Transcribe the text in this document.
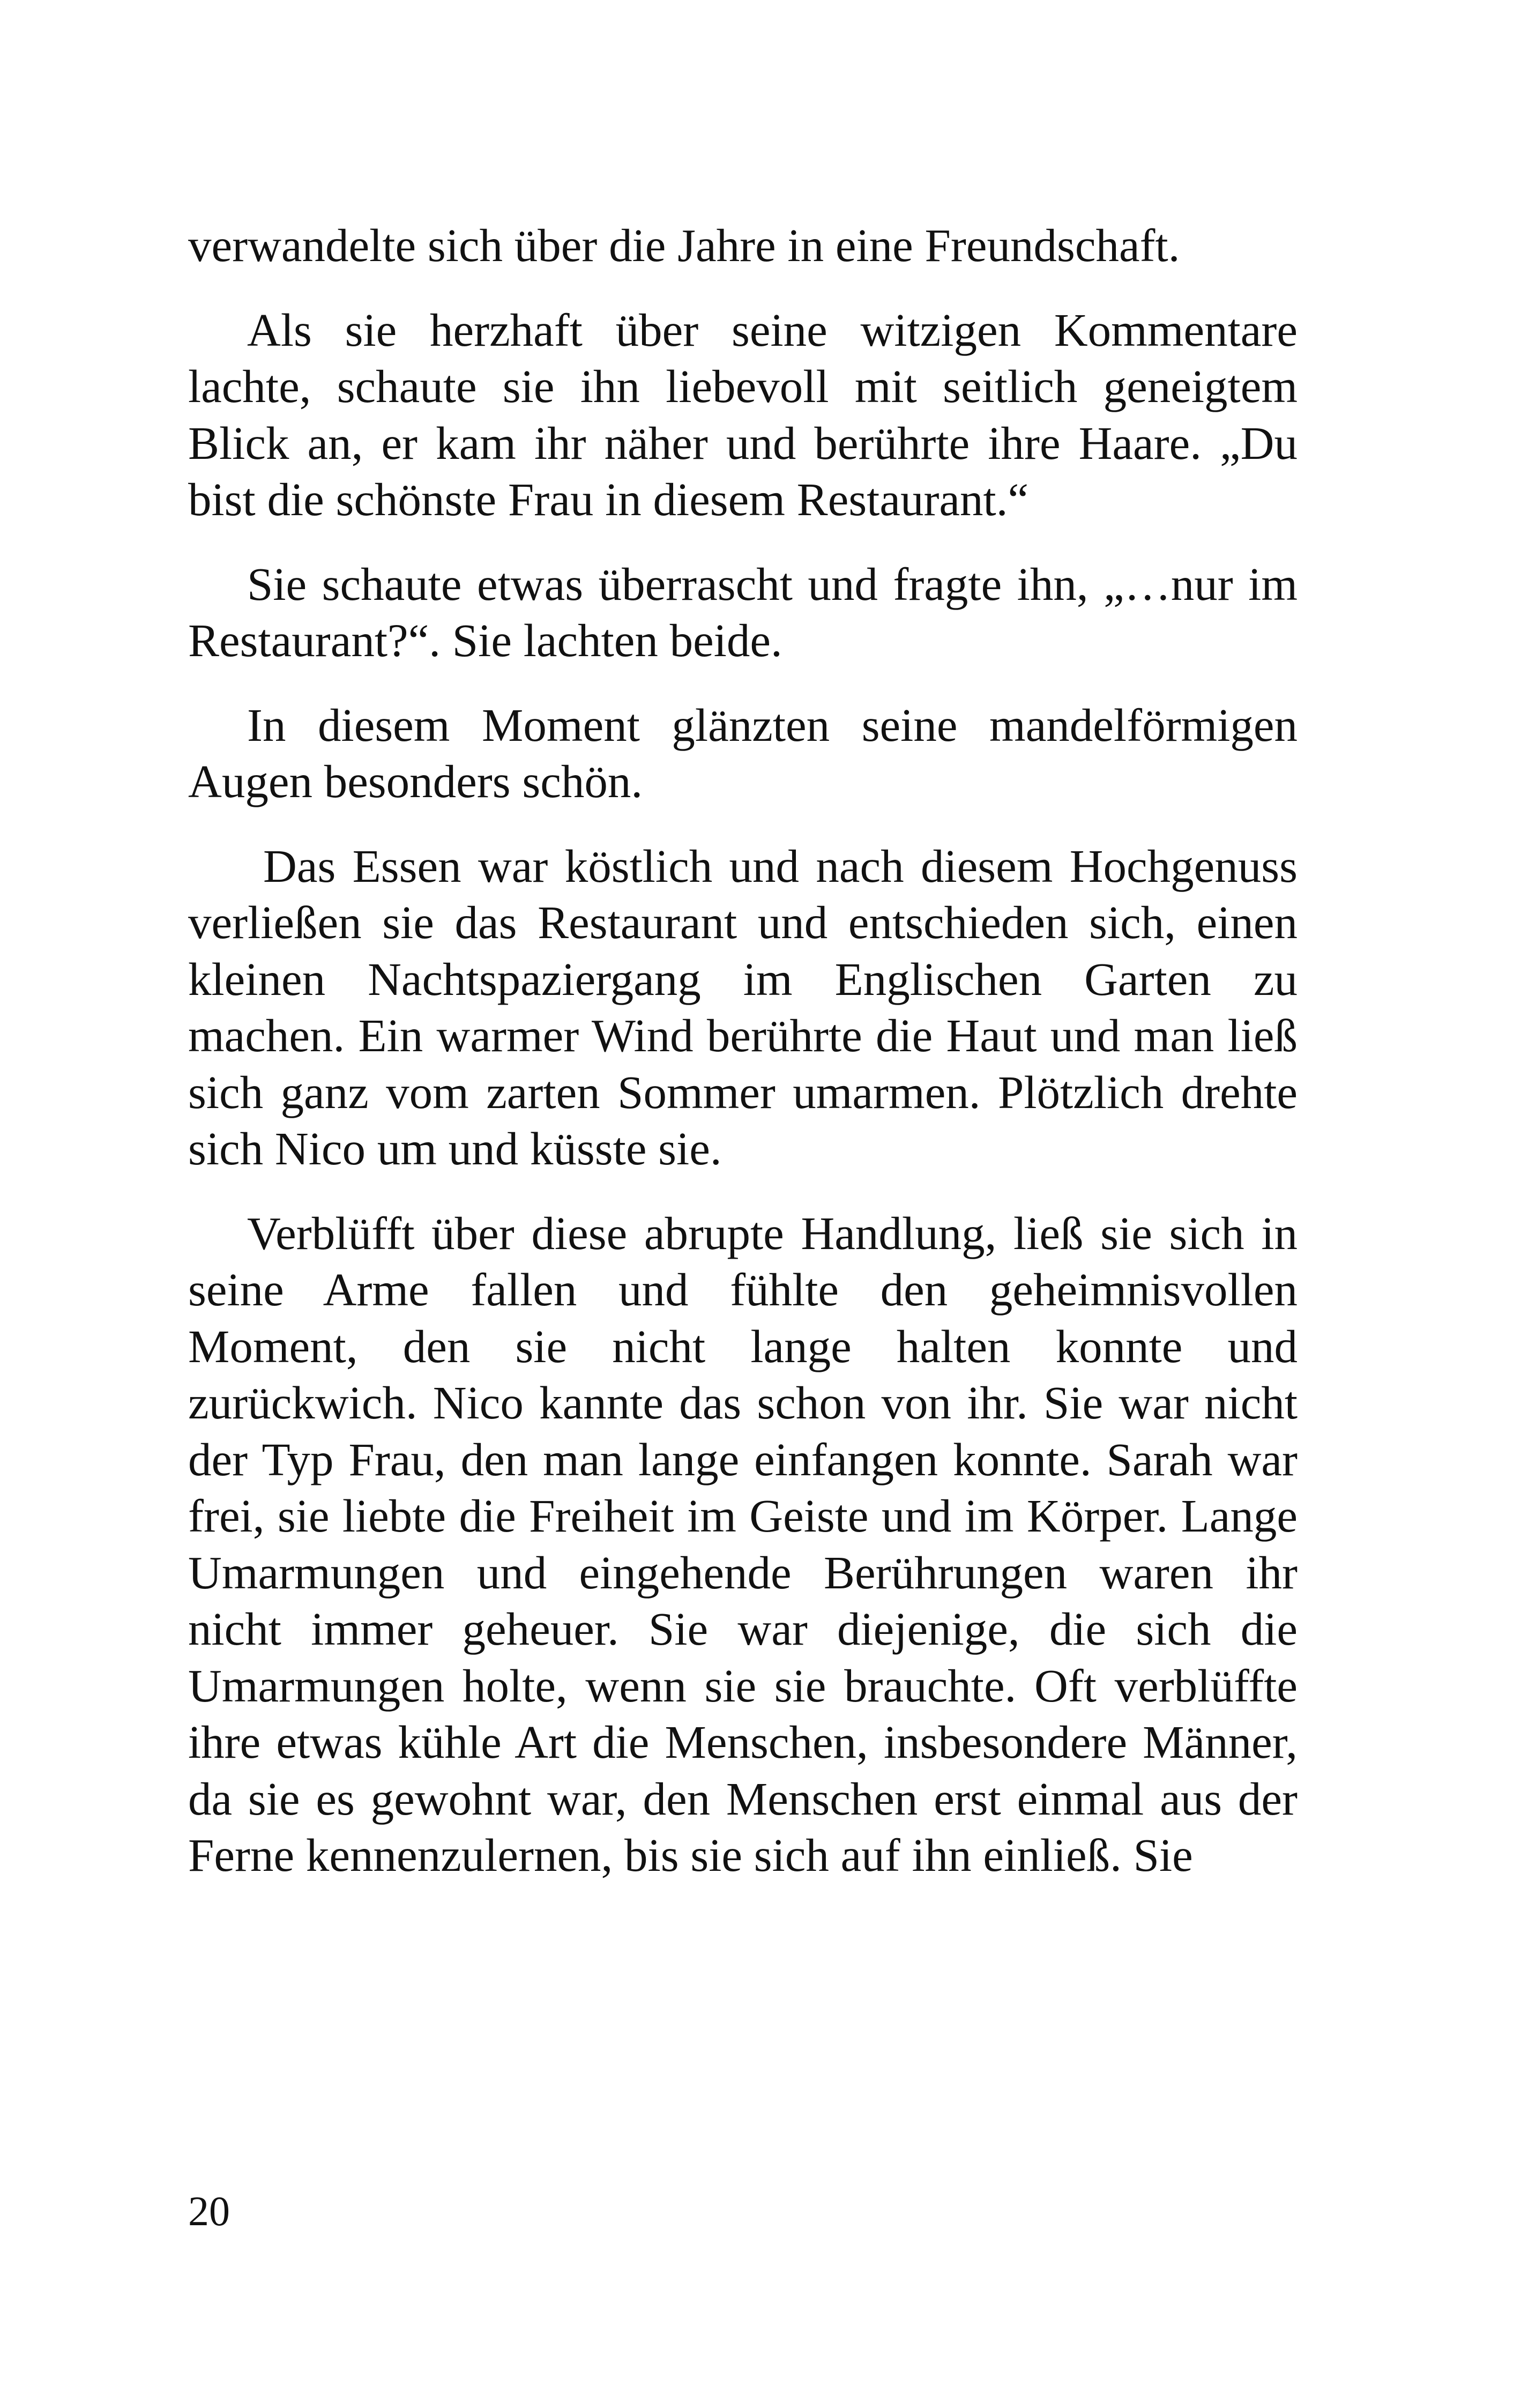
verwandelte sich über die Jahre in eine Freundschaft.

Als sie herzhaft über seine witzigen Kommentare lachte, schaute sie ihn liebevoll mit seitlich geneigtem Blick an, er kam ihr näher und berührte ihre Haare. „Du bist die schönste Frau in diesem Restaurant.“

Sie schaute etwas überrascht und fragte ihn, „…nur im Restaurant?“. Sie lachten beide.

In diesem Moment glänzten seine mandelförmigen Augen besonders schön.

Das Essen war köstlich und nach diesem Hochgenuss verließen sie das Restaurant und entschieden sich, einen kleinen Nachtspaziergang im Englischen Garten zu machen. Ein warmer Wind berührte die Haut und man ließ sich ganz vom zarten Sommer umarmen. Plötzlich drehte sich Nico um und küsste sie.

Verblüfft über diese abrupte Handlung, ließ sie sich in seine Arme fallen und fühlte den geheimnisvollen Moment, den sie nicht lange halten konnte und zurückwich. Nico kannte das schon von ihr. Sie war nicht der Typ Frau, den man lange einfangen konnte. Sarah war frei, sie liebte die Freiheit im Geiste und im Körper. Lange Umarmungen und eingehende Berührungen waren ihr nicht immer geheuer. Sie war diejenige, die sich die Umarmungen holte, wenn sie sie brauchte. Oft verblüffte ihre etwas kühle Art die Menschen, insbesondere Männer, da sie es gewohnt war, den Menschen erst einmal aus der Ferne kennenzulernen, bis sie sich auf ihn einließ. Sie

20
